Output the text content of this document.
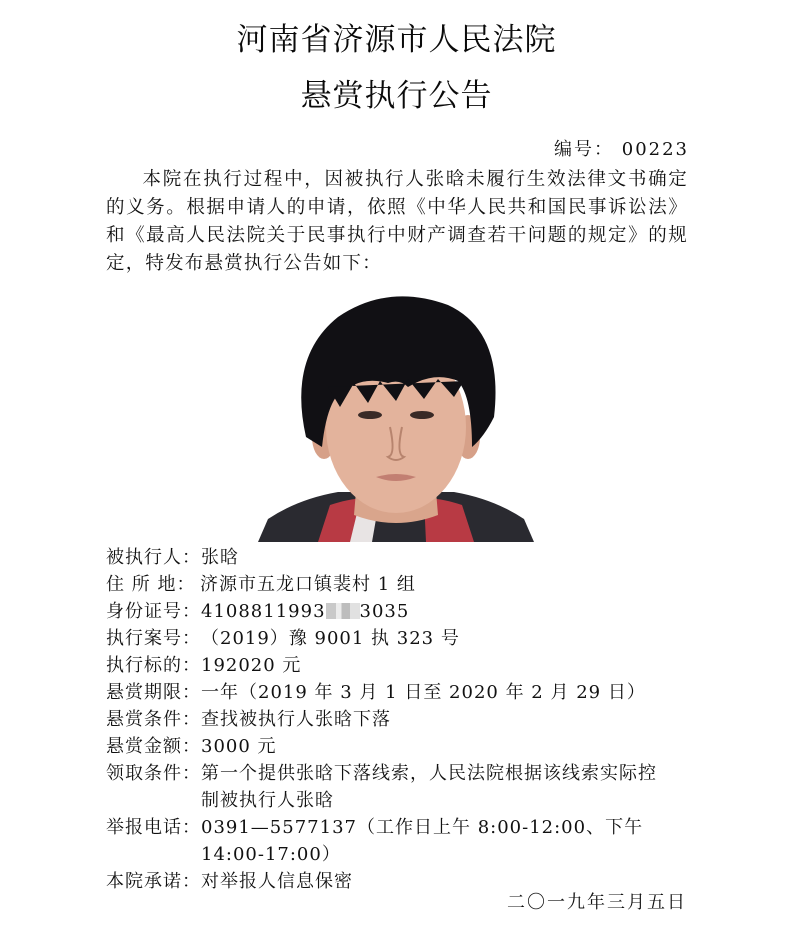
河南省济源市人民法院
悬赏执行公告
编号： 00223

本院在执行过程中，因被执行人张晗未履行生效法律文书确定的义务。根据申请人的申请，依照《中华人民共和国民事诉讼法》和《最高人民法院关于民事执行中财产调查若干问题的规定》的规定，特发布悬赏执行公告如下：

被执行人： 张晗
住 所 地： 济源市五龙口镇裴村 1 组
身份证号： 4108811993 3035
执行案号： （2019）豫 9001 执 323 号
执行标的： 192020 元
悬赏期限： 一年（2019 年 3 月 1 日至 2020 年 2 月 29 日）
悬赏条件： 查找被执行人张晗下落
悬赏金额： 3000 元
领取条件： 第一个提供张晗下落线索，人民法院根据该线索实际控
制被执行人张晗
举报电话： 0391—5577137（工作日上午 8:00-12:00、下午 14:00-17:00）
本院承诺： 对举报人信息保密
二〇一九年三月五日
